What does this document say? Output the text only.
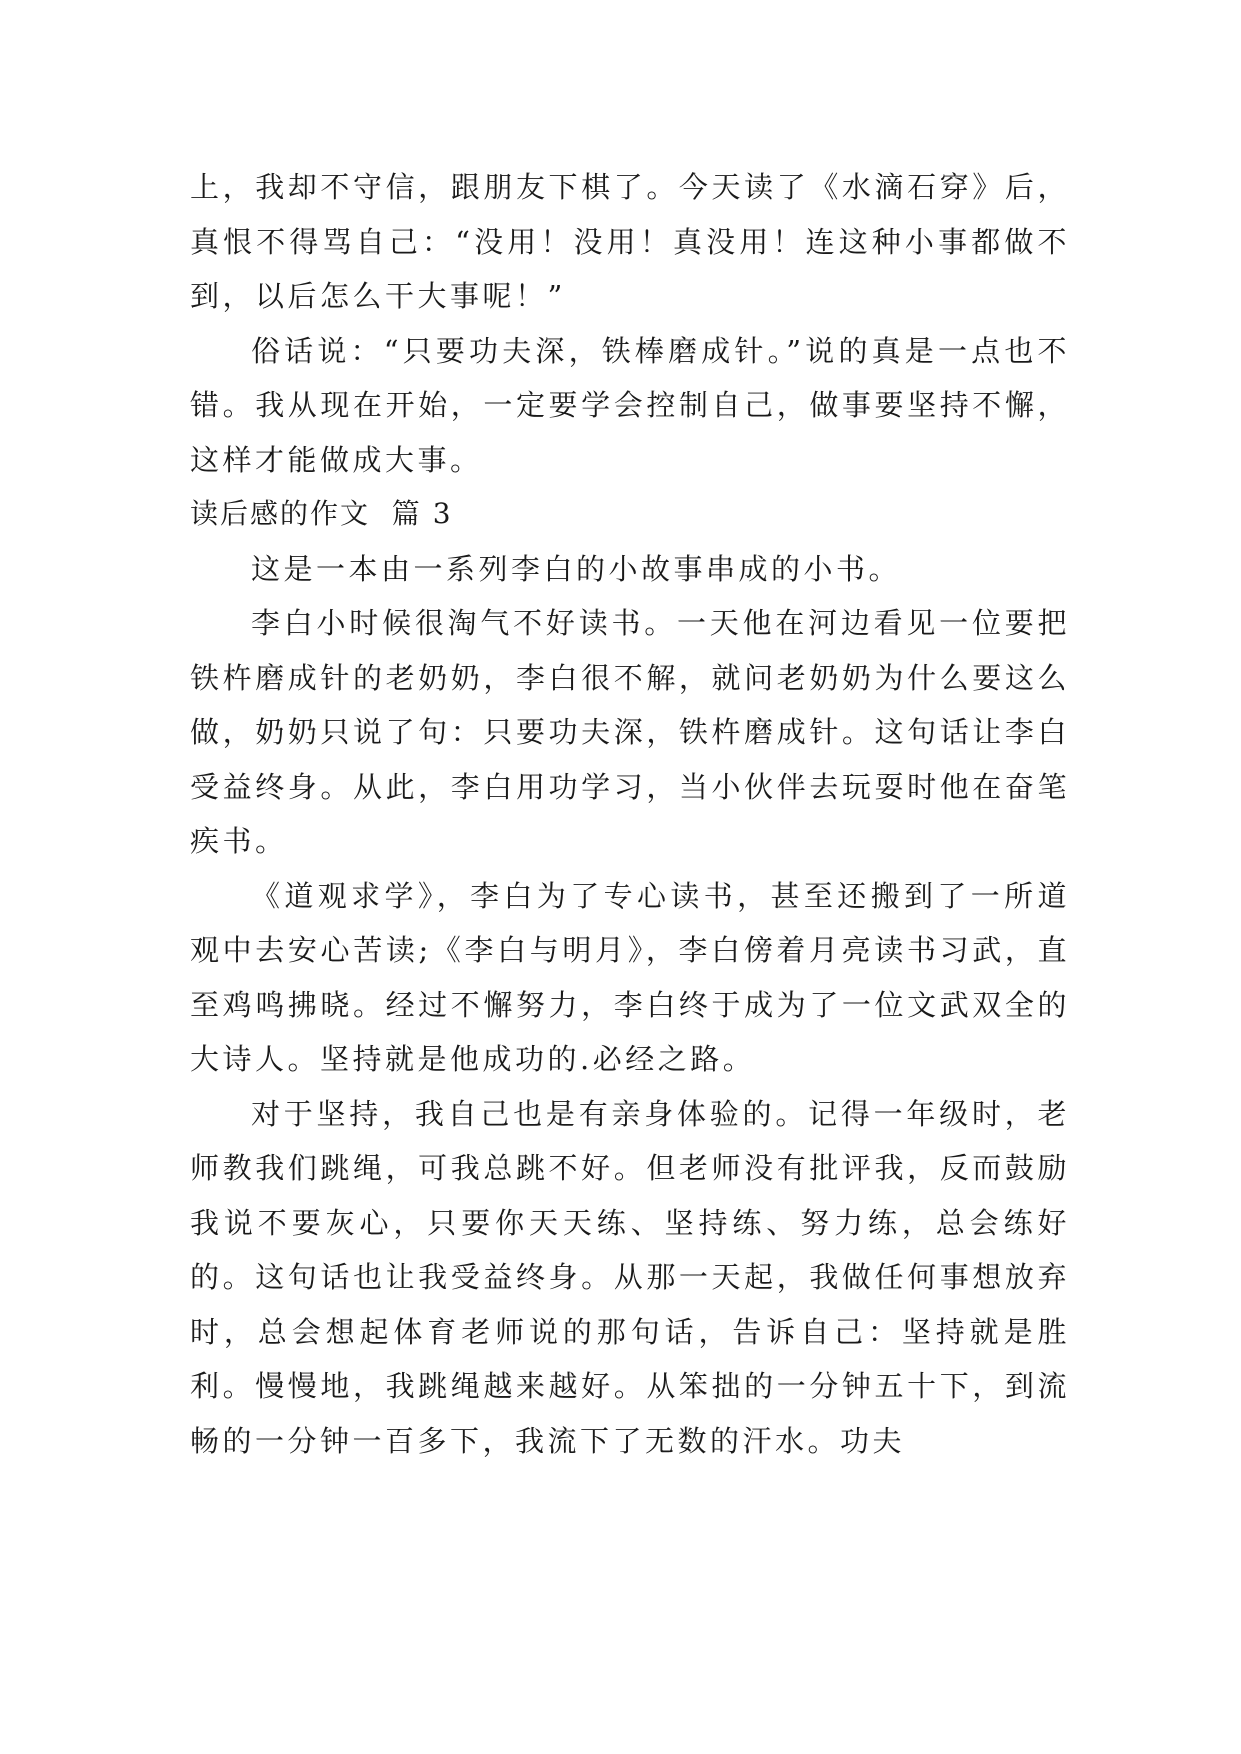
上，我却不守信，跟朋友下棋了。今天读了《水滴石穿》后，真恨不得骂自己：“没用！没用！真没用！连这种小事都做不到，以后怎么干大事呢！”

俗话说：“只要功夫深，铁棒磨成针。”说的真是一点也不错。我从现在开始，一定要学会控制自己，做事要坚持不懈，这样才能做成大事。

读后感的作文  篇 3

这是一本由一系列李白的小故事串成的小书。

李白小时候很淘气不好读书。一天他在河边看见一位要把铁杵磨成针的老奶奶，李白很不解，就问老奶奶为什么要这么做，奶奶只说了句：只要功夫深，铁杵磨成针。这句话让李白受益终身。从此，李白用功学习，当小伙伴去玩耍时他在奋笔疾书。

《道观求学》，李白为了专心读书，甚至还搬到了一所道观中去安心苦读;《李白与明月》，李白傍着月亮读书习武，直至鸡鸣拂晓。经过不懈努力，李白终于成为了一位文武双全的大诗人。坚持就是他成功的.必经之路。

对于坚持，我自己也是有亲身体验的。记得一年级时，老师教我们跳绳，可我总跳不好。但老师没有批评我，反而鼓励我说不要灰心，只要你天天练、坚持练、努力练，总会练好的。这句话也让我受益终身。从那一天起，我做任何事想放弃时，总会想起体育老师说的那句话，告诉自己：坚持就是胜利。慢慢地，我跳绳越来越好。从笨拙的一分钟五十下，到流畅的一分钟一百多下，我流下了无数的汗水。功夫
